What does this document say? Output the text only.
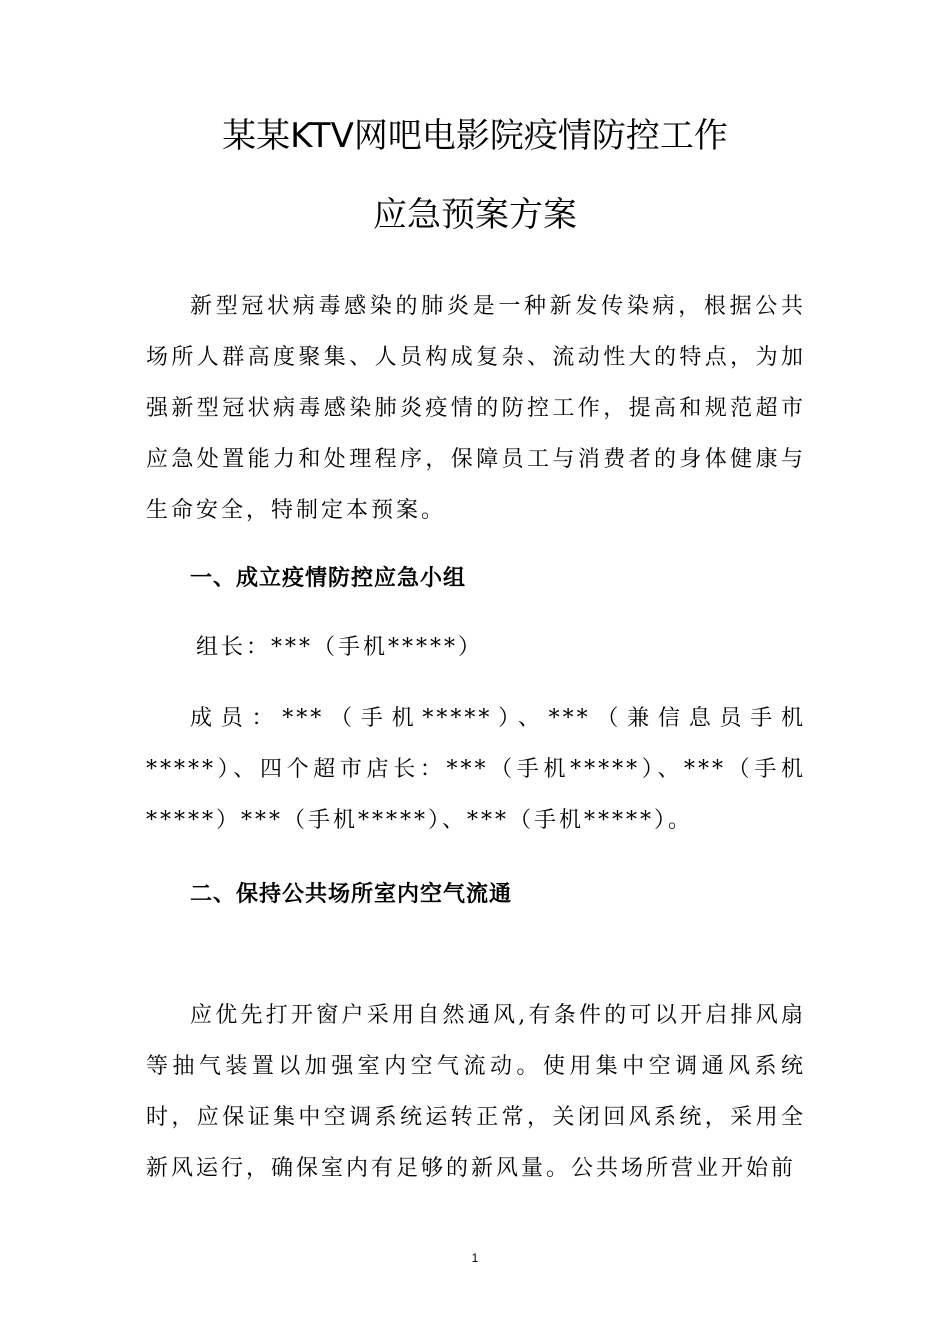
某某KTV网吧电影院疫情防控工作
应急预案方案
新型冠状病毒感染的肺炎是一种新发传染病，根据公共场所人群高度聚集、人员构成复杂、流动性大的特点，为加强新型冠状病毒感染肺炎疫情的防控工作，提高和规范超市应急处置能力和处理程序，保障员工与消费者的身体健康与生命安全，特制定本预案。
一、成立疫情防控应急小组
组长：***（手机*****）
成员：***（手机*****）、***（兼信息员手机*****）、四个超市店长：***（手机*****）、***（手机*****）***（手机*****）、***（手机*****）。
二、保持公共场所室内空气流通
应优先打开窗户采用自然通风,有条件的可以开启排风扇等抽气装置以加强室内空气流动。使用集中空调通风系统时，应保证集中空调系统运转正常，关闭回风系统，采用全新风运行，确保室内有足够的新风量。公共场所营业开始前
1
